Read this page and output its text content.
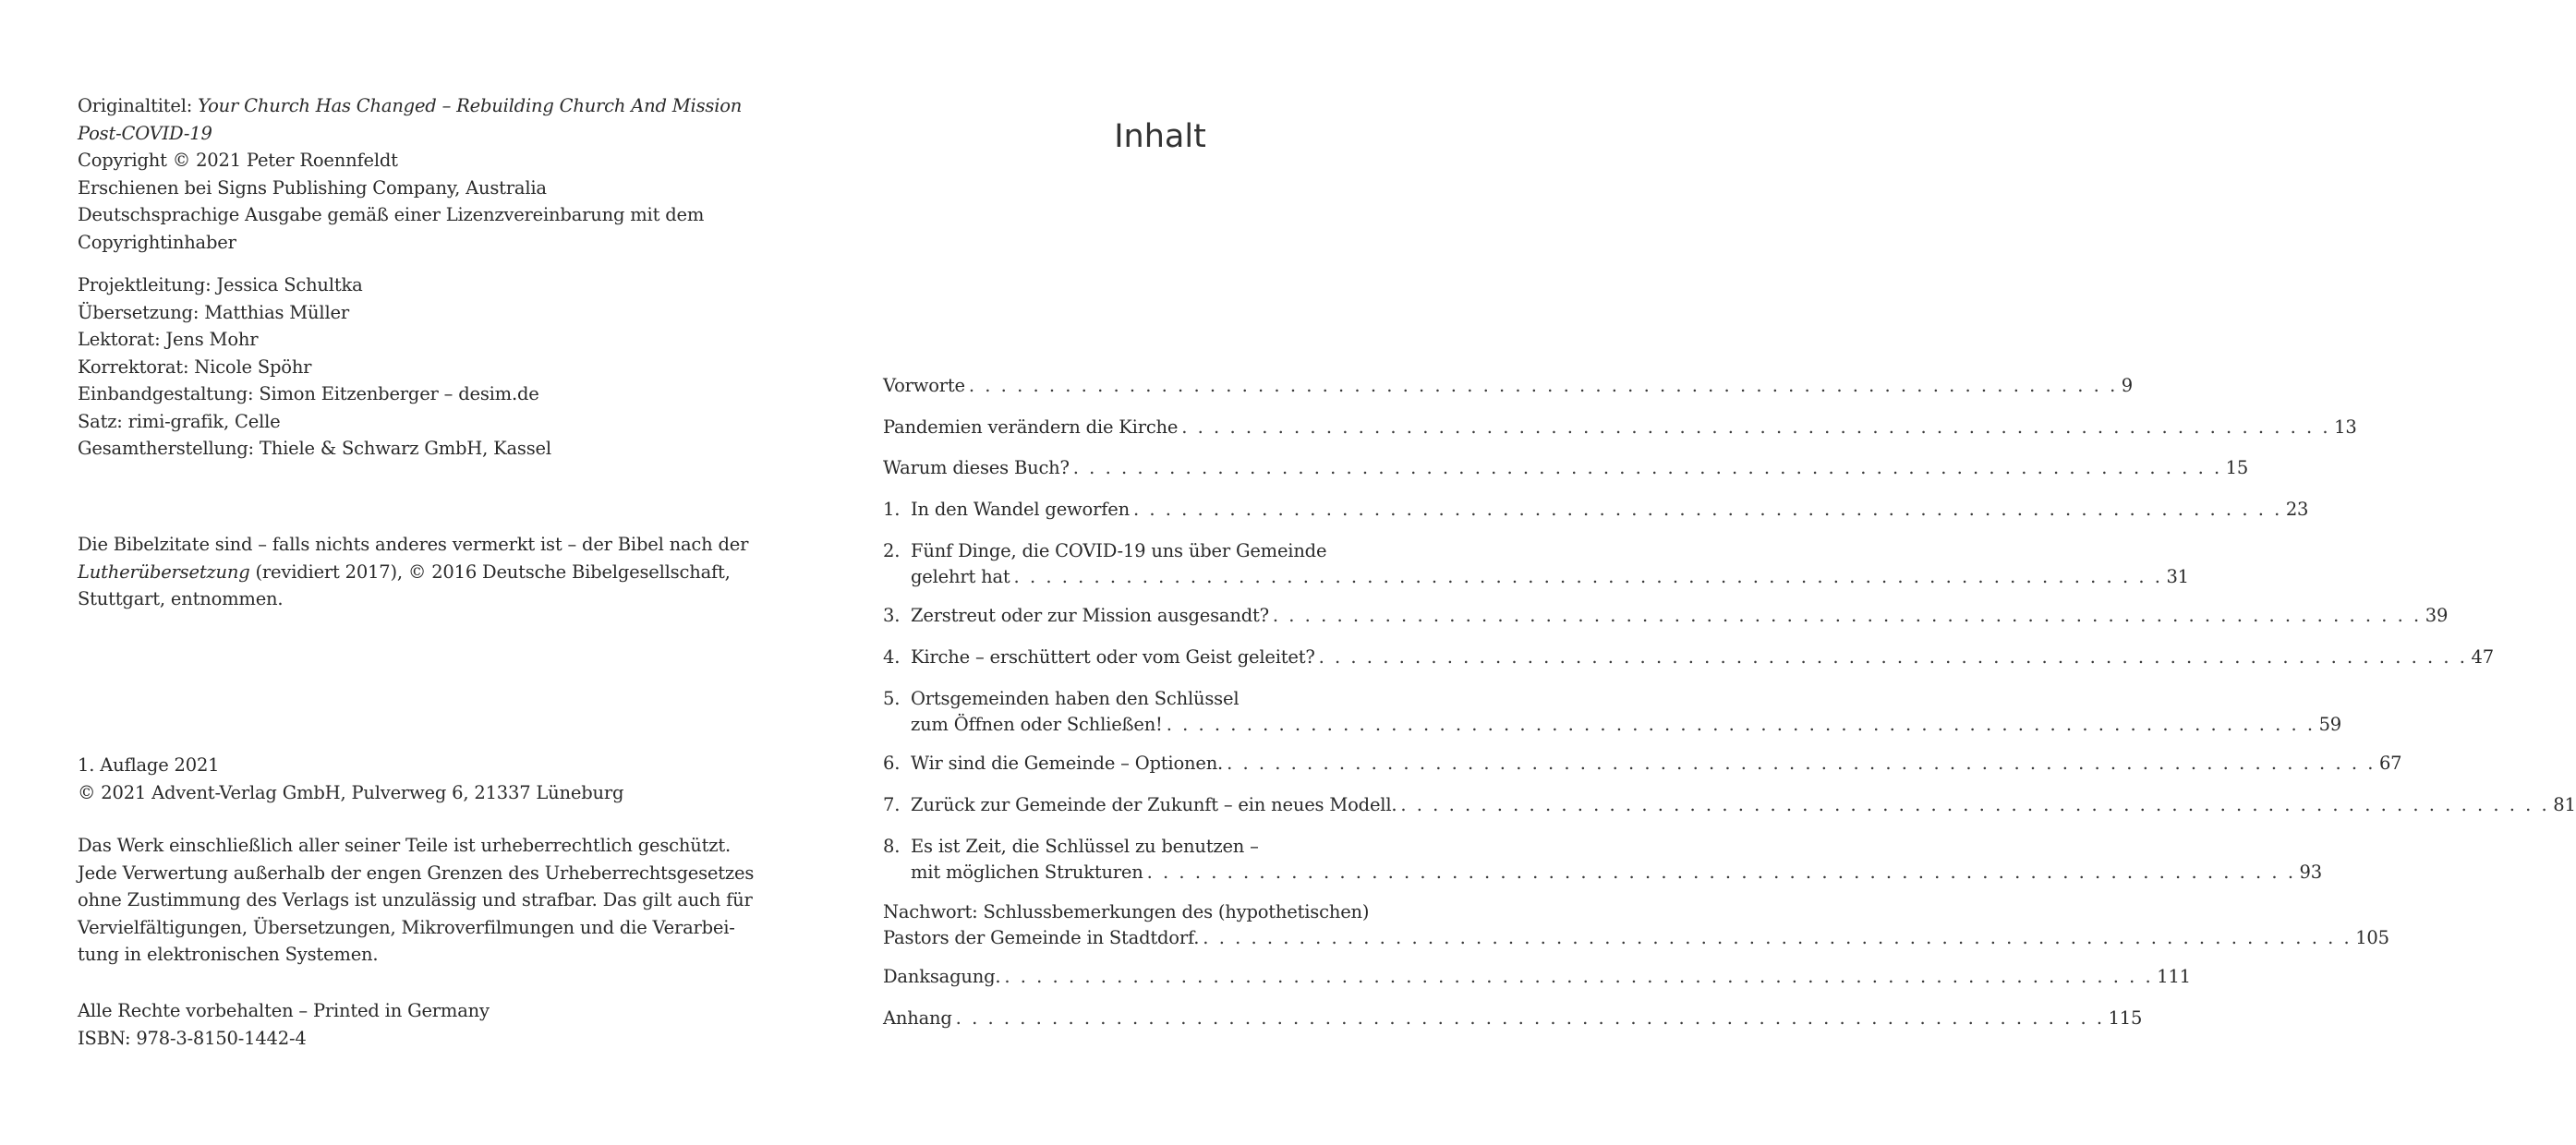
Originaltitel: Your Church Has Changed – Rebuilding Church And Mission
Post-COVID-19
Copyright © 2021 Peter Roennfeldt
Erschienen bei Signs Publishing Company, Australia
Deutschsprachige Ausgabe gemäß einer Lizenzvereinbarung mit dem
Copyrightinhaber
Projektleitung: Jessica Schultka
Übersetzung: Matthias Müller
Lektorat: Jens Mohr
Korrektorat: Nicole Spöhr
Einbandgestaltung: Simon Eitzenberger – desim.de
Satz: rimi-grafik, Celle
Gesamtherstellung: Thiele & Schwarz GmbH, Kassel
Die Bibelzitate sind – falls nichts anderes vermerkt ist – der Bibel nach der
Lutherübersetzung (revidiert 2017), © 2016 Deutsche Bibelgesellschaft,
Stuttgart, entnommen.
1. Auflage 2021
© 2021 Advent-Verlag GmbH, Pulverweg 6, 21337 Lüneburg
Das Werk einschließlich aller seiner Teile ist urheberrechtlich geschützt.
Jede Verwertung außerhalb der engen Grenzen des Urheberrechtsgesetzes
ohne Zustimmung des Verlags ist unzulässig und strafbar. Das gilt auch für
Vervielfältigungen, Übersetzungen, Mikroverfilmungen und die Verarbei-
tung in elektronischen Systemen.
Alle Rechte vorbehalten – Printed in Germany
ISBN: 978-3-8150-1442-4
Inhalt
Vorworte . . . . . . . . . . . . . . . . . . . . . . . . . . . . . . . . . . . . . . . . . . . . . . . . . . . . . . . . . . . . . . . . . . . . . . . . 9
Pandemien verändern die Kirche . . . . . . . . . . . . . . . . . . . . . . . . . . . . . . . . . . . . . . . . . . . . . . . . . . . . . . . . . . . . . . . . . . . . . . . . 13
Warum dieses Buch? . . . . . . . . . . . . . . . . . . . . . . . . . . . . . . . . . . . . . . . . . . . . . . . . . . . . . . . . . . . . . . . . . . . . . . . . 15
1. In den Wandel geworfen . . . . . . . . . . . . . . . . . . . . . . . . . . . . . . . . . . . . . . . . . . . . . . . . . . . . . . . . . . . . . . . . . . . . . . . . 23
2. Fünf Dinge, die COVID-19 uns über Gemeinde
gelehrt hat . . . . . . . . . . . . . . . . . . . . . . . . . . . . . . . . . . . . . . . . . . . . . . . . . . . . . . . . . . . . . . . . . . . . . . . . 31
3. Zerstreut oder zur Mission ausgesandt? . . . . . . . . . . . . . . . . . . . . . . . . . . . . . . . . . . . . . . . . . . . . . . . . . . . . . . . . . . . . . . . . . . . . . . . . 39
4. Kirche – erschüttert oder vom Geist geleitet? . . . . . . . . . . . . . . . . . . . . . . . . . . . . . . . . . . . . . . . . . . . . . . . . . . . . . . . . . . . . . . . . . . . . . . . . 47
5. Ortsgemeinden haben den Schlüssel
zum Öffnen oder Schließen! . . . . . . . . . . . . . . . . . . . . . . . . . . . . . . . . . . . . . . . . . . . . . . . . . . . . . . . . . . . . . . . . . . . . . . . . 59
6. Wir sind die Gemeinde – Optionen. . . . . . . . . . . . . . . . . . . . . . . . . . . . . . . . . . . . . . . . . . . . . . . . . . . . . . . . . . . . . . . . . . . . . . . . . 67
7. Zurück zur Gemeinde der Zukunft – ein neues Modell. . . . . . . . . . . . . . . . . . . . . . . . . . . . . . . . . . . . . . . . . . . . . . . . . . . . . . . . . . . . . . . . . . . . . . . . . 81
8. Es ist Zeit, die Schlüssel zu benutzen –
mit möglichen Strukturen . . . . . . . . . . . . . . . . . . . . . . . . . . . . . . . . . . . . . . . . . . . . . . . . . . . . . . . . . . . . . . . . . . . . . . . . 93
Nachwort: Schlussbemerkungen des (hypothetischen)
Pastors der Gemeinde in Stadtdorf. . . . . . . . . . . . . . . . . . . . . . . . . . . . . . . . . . . . . . . . . . . . . . . . . . . . . . . . . . . . . . . . . . . . . . . . . 105
Danksagung. . . . . . . . . . . . . . . . . . . . . . . . . . . . . . . . . . . . . . . . . . . . . . . . . . . . . . . . . . . . . . . . . . . . . . . . . 111
Anhang . . . . . . . . . . . . . . . . . . . . . . . . . . . . . . . . . . . . . . . . . . . . . . . . . . . . . . . . . . . . . . . . . . . . . . . . 115
